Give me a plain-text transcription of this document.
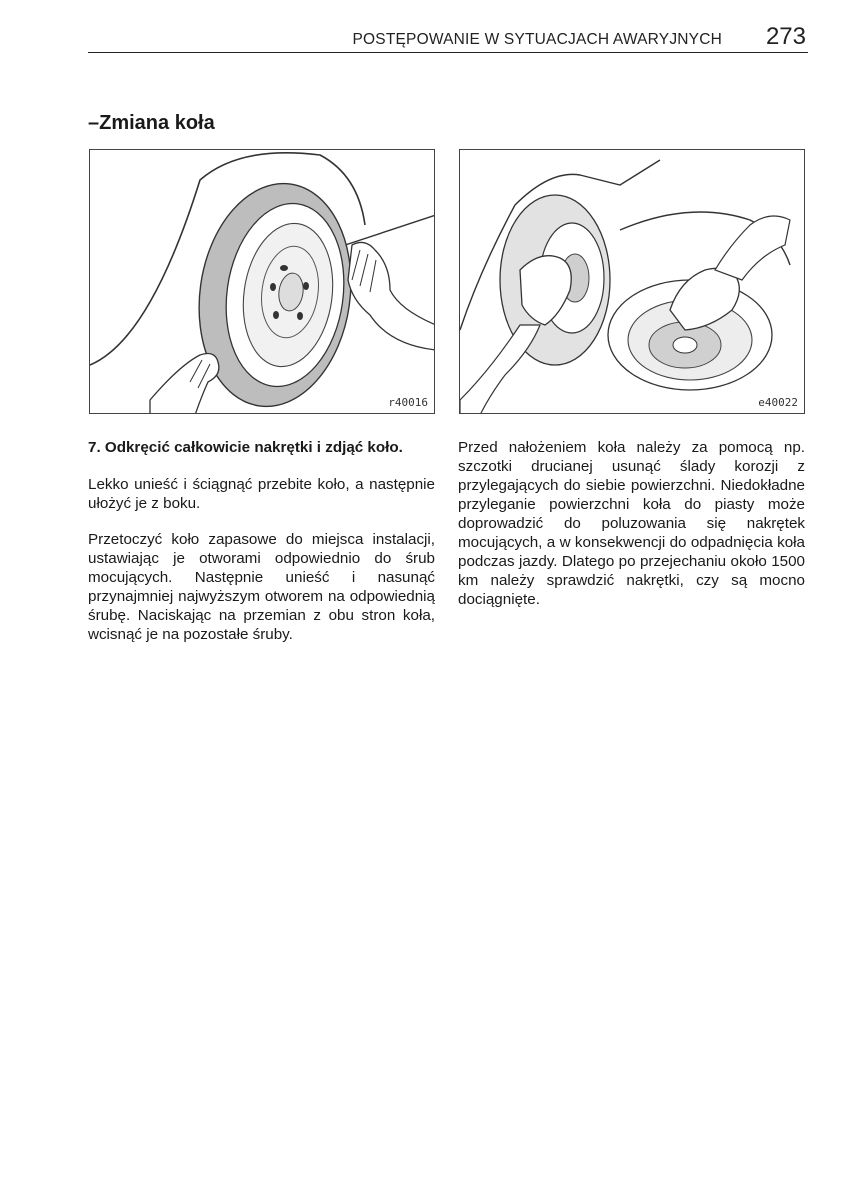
POSTĘPOWANIE W SYTUACJACH AWARYJNYCH 273
–Zmiana koła
r40016	e40022

7. Odkręcić całkowicie nakrętki i zdjąć koło.

Lekko unieść i ściągnąć przebite koło, a następnie ułożyć je z boku.

Przetoczyć koło zapasowe do miejsca instalacji, ustawiając je otworami odpowiednio do śrub mocujących. Następnie unieść i nasunąć przynajmniej najwyższym otworem na odpowiednią śrubę. Naciskając na przemian z obu stron koła, wcisnąć je na pozostałe śruby.

Przed nałożeniem koła należy za pomocą np. szczotki drucianej usunąć ślady korozji z przylegających do siebie powierzchni. Niedokładne przyleganie powierzchni koła do piasty może doprowadzić do poluzowania się nakrętek mocujących, a w konsekwencji do odpadnięcia koła podczas jazdy. Dlatego po przejechaniu około 1500 km należy sprawdzić nakrętki, czy są mocno dociągnięte.
